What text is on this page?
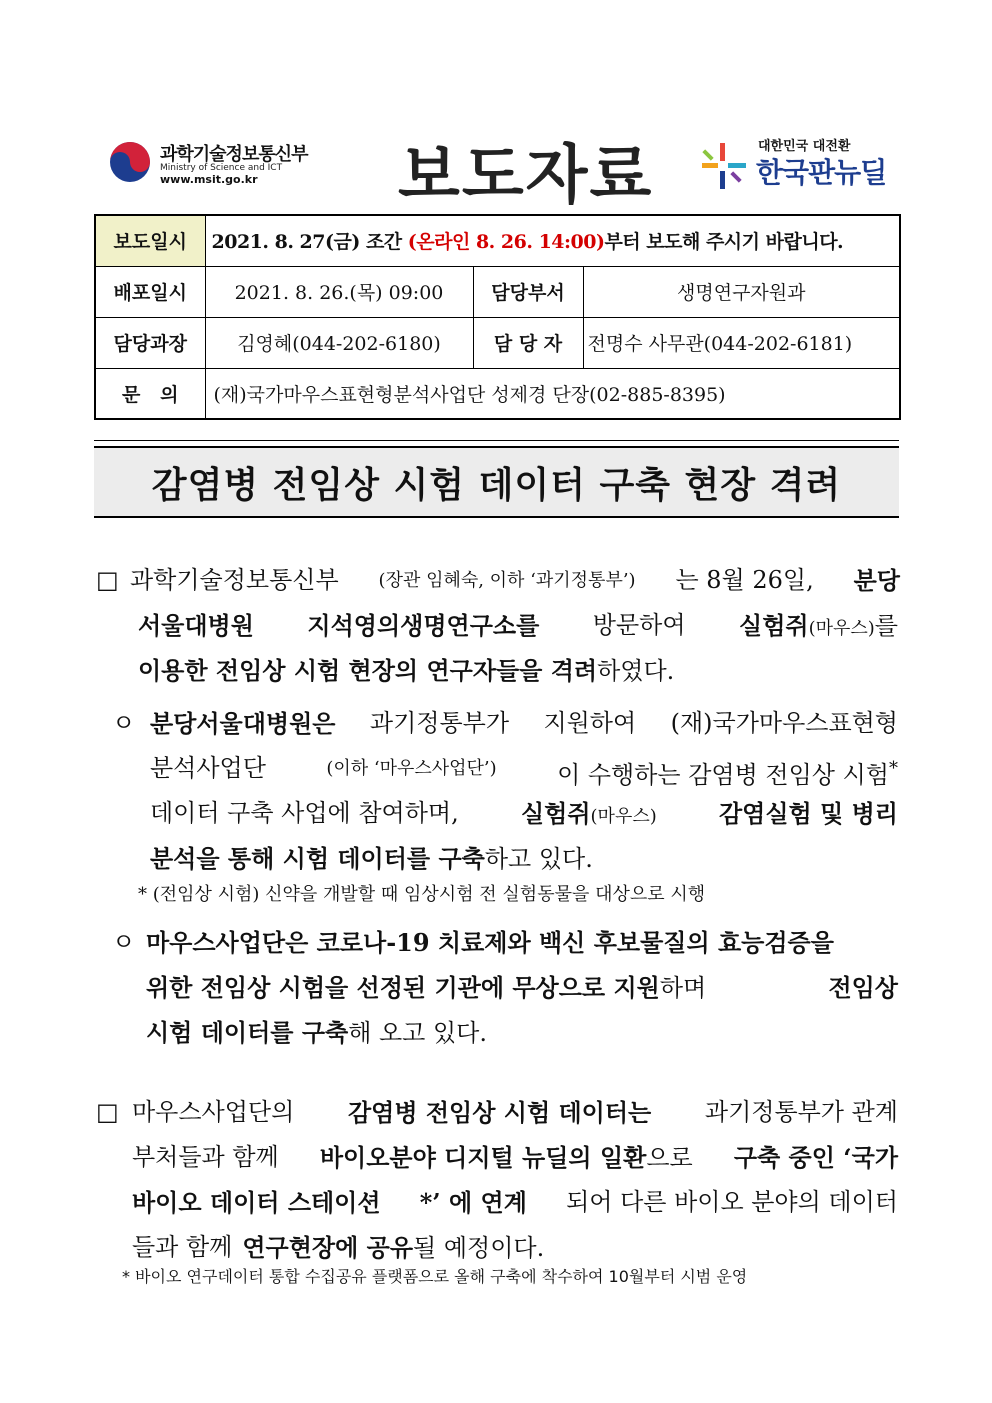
과학기술정보통신부
Ministry of Science and ICT
www.msit.go.kr 보도자료	대한민국 대전환
한국판뉴딜
보도일시	2021. 8. 27(금) 조간 (온라인 8. 26. 14:00)부터 보도해 주시기 바랍니다.		
배포일시	2021. 8. 26.(목) 09:00	담당부서	생명연구자원과
담당과장	김영혜(044-202-6180)	담 당 자	전명수 사무관(044-202-6181)
문   의	(재)국가마우스표현형분석사업단 성제경 단장(02-885-8395)		
감염병 전임상 시험 데이터 구축 현장 격려
□ 과학기술정보통신부 (장관 임혜숙, 이하 ‘과기정통부’) 는 8월 26일, 분당
서울대병원 지석영의생명연구소를 방문하여 실험쥐(마우스)를
이용한 전임상 시험 현장의 연구자들을 격려하였다.
ㅇ 분당서울대병원은 과기정통부가 지원하여 (재)국가마우스표현형
분석사업단	(이하 ‘마우스사업단’)	이 수행하는 감염병 전임상 시험*
데이터 구축 사업에 참여하며,	실험쥐(마우스)	감염실험 및 병리
분석을 통해 시험 데이터를 구축하고 있다.
* (전임상 시험) 신약을 개발할 때 임상시험 전 실험동물을 대상으로 시행
ㅇ 마우스사업단은 코로나-19 치료제와 백신 후보물질의 효능검증을
위한 전임상 시험을 선정된 기관에 무상으로 지원하며	전임상
시험 데이터를 구축해 오고 있다.
□ 마우스사업단의 감염병 전임상 시험 데이터는 과기정통부가 관계
부처들과 함께 바이오분야 디지털 뉴딜의 일환으로 구축 중인 ‘국가
바이오 데이터 스테이션 *’ 에 연계 되어 다른 바이오 분야의 데이터
들과 함께 연구현장에 공유될 예정이다.
* 바이오 연구데이터 통합 수집공유 플랫폼으로 올해 구축에 착수하여 10월부터 시범 운영
